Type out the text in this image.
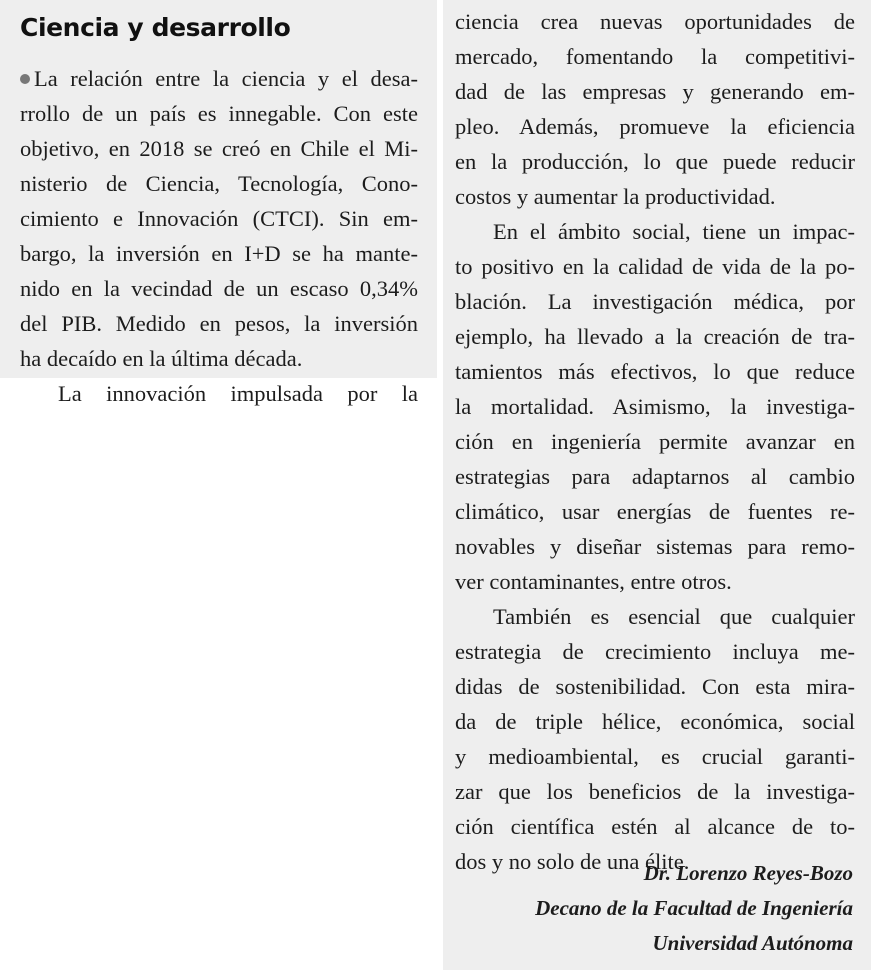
Ciencia y desarrollo
La relación entre la ciencia y el desa-
rrollo de un país es innegable. Con este
objetivo, en 2018 se creó en Chile el Mi-
nisterio de Ciencia, Tecnología, Cono-
cimiento e Innovación (CTCI). Sin em-
bargo, la inversión en I+D se ha mante-
nido en la vecindad de un escaso 0,34%
del PIB. Medido en pesos, la inversión
ha decaído en la última década.
La innovación impulsada por la
ciencia crea nuevas oportunidades de
mercado, fomentando la competitivi-
dad de las empresas y generando em-
pleo. Además, promueve la eficiencia
en la producción, lo que puede reducir
costos y aumentar la productividad.
En el ámbito social, tiene un impac-
to positivo en la calidad de vida de la po-
blación. La investigación médica, por
ejemplo, ha llevado a la creación de tra-
tamientos más efectivos, lo que reduce
la mortalidad. Asimismo, la investiga-
ción en ingeniería permite avanzar en
estrategias para adaptarnos al cambio
climático, usar energías de fuentes re-
novables y diseñar sistemas para remo-
ver contaminantes, entre otros.
También es esencial que cualquier
estrategia de crecimiento incluya me-
didas de sostenibilidad. Con esta mira-
da de triple hélice, económica, social
y medioambiental, es crucial garanti-
zar que los beneficios de la investiga-
ción científica estén al alcance de to-
dos y no solo de una élite.
Dr. Lorenzo Reyes-Bozo
Decano de la Facultad de Ingeniería
Universidad Autónoma
